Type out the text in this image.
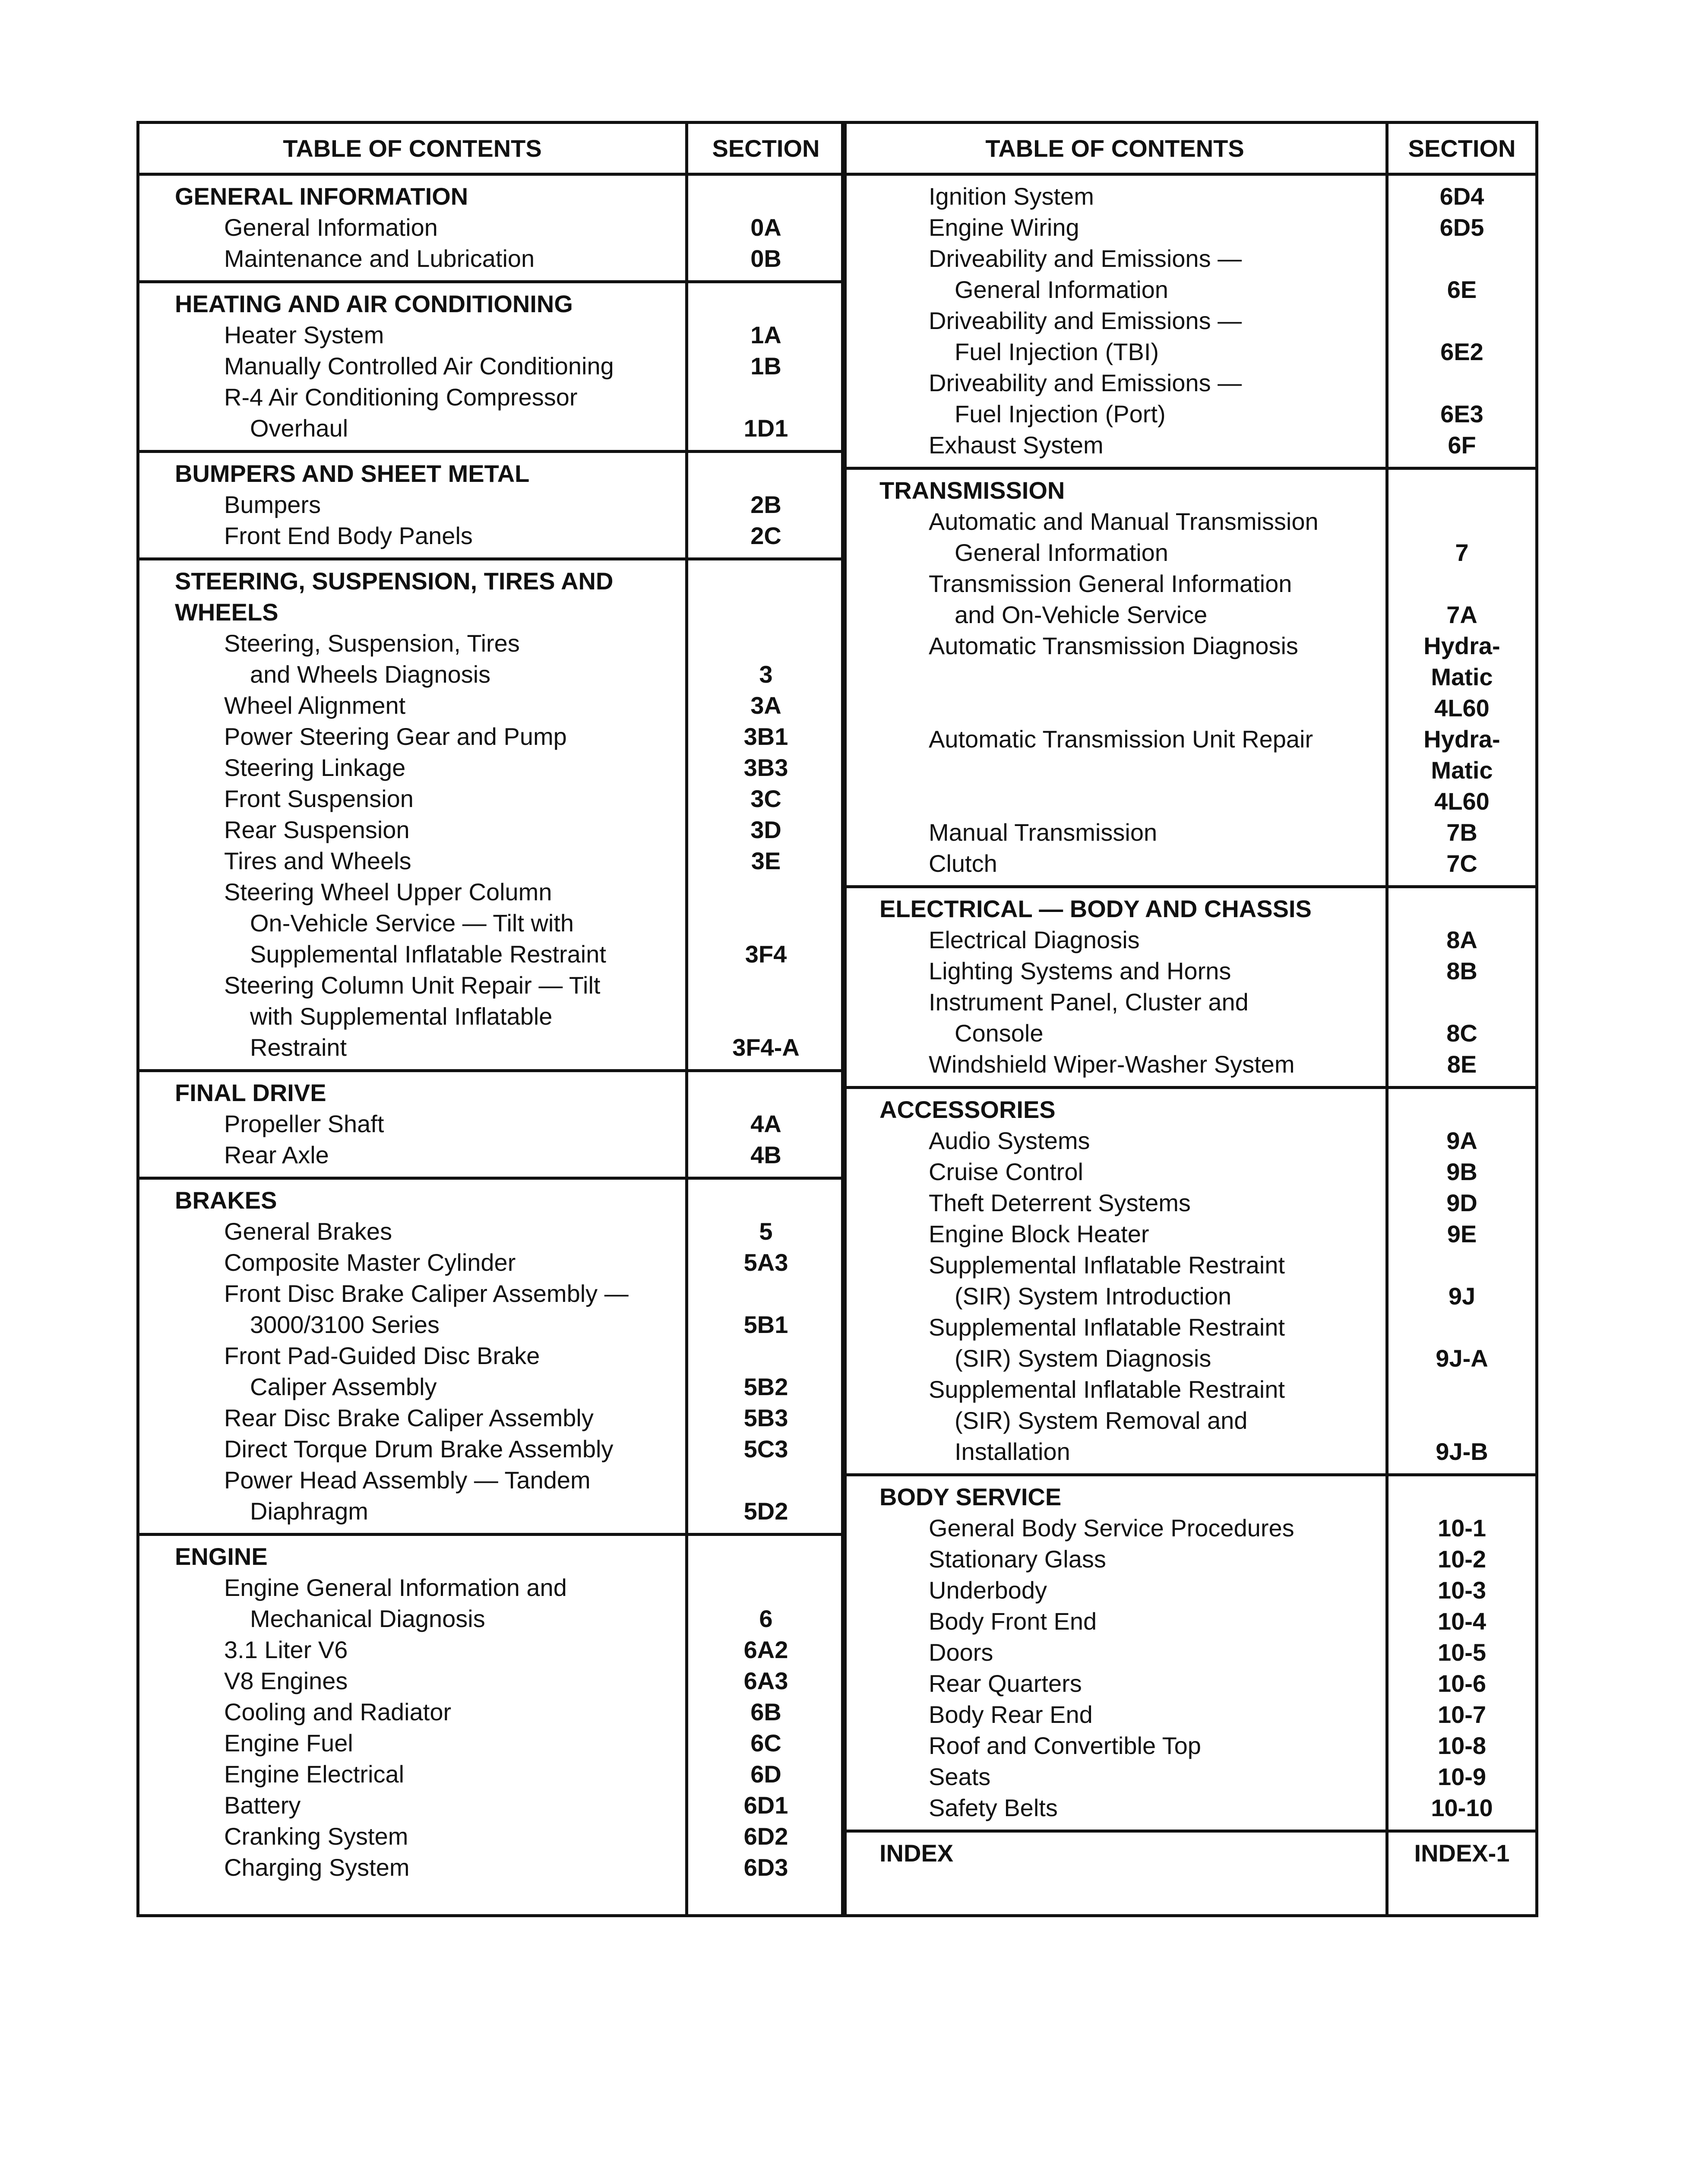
TABLE OF CONTENTS	SECTION
GENERAL INFORMATION
General Information	0A
Maintenance and Lubrication	0B
HEATING AND AIR CONDITIONING
Heater System	1A
Manually Controlled Air Conditioning	1B
R-4 Air Conditioning Compressor
Overhaul	1D1
BUMPERS AND SHEET METAL
Bumpers	2B
Front End Body Panels	2C
STEERING, SUSPENSION, TIRES AND
WHEELS
Steering, Suspension, Tires
and Wheels Diagnosis	3
Wheel Alignment	3A
Power Steering Gear and Pump	3B1
Steering Linkage	3B3
Front Suspension	3C
Rear Suspension	3D
Tires and Wheels	3E
Steering Wheel Upper Column
On-Vehicle Service — Tilt with
Supplemental Inflatable Restraint	3F4
Steering Column Unit Repair — Tilt
with Supplemental Inflatable
Restraint	3F4-A
FINAL DRIVE
Propeller Shaft	4A
Rear Axle	4B
BRAKES
General Brakes	5
Composite Master Cylinder	5A3
Front Disc Brake Caliper Assembly —
3000/3100 Series	5B1
Front Pad-Guided Disc Brake
Caliper Assembly	5B2
Rear Disc Brake Caliper Assembly	5B3
Direct Torque Drum Brake Assembly	5C3
Power Head Assembly — Tandem
Diaphragm	5D2
ENGINE
Engine General Information and
Mechanical Diagnosis	6
3.1 Liter V6	6A2
V8 Engines	6A3
Cooling and Radiator	6B
Engine Fuel	6C
Engine Electrical	6D
Battery	6D1
Cranking System	6D2
Charging System	6D3
TABLE OF CONTENTS	SECTION
Ignition System	6D4
Engine Wiring	6D5
Driveability and Emissions —
General Information	6E
Driveability and Emissions —
Fuel Injection (TBI)	6E2
Driveability and Emissions —
Fuel Injection (Port)	6E3
Exhaust System	6F
TRANSMISSION
Automatic and Manual Transmission
General Information	7
Transmission General Information
and On-Vehicle Service	7A
Automatic Transmission Diagnosis	Hydra-
Matic
4L60
Automatic Transmission Unit Repair	Hydra-
Matic
4L60
Manual Transmission	7B
Clutch	7C
ELECTRICAL — BODY AND CHASSIS
Electrical Diagnosis	8A
Lighting Systems and Horns	8B
Instrument Panel, Cluster and
Console	8C
Windshield Wiper-Washer System	8E
ACCESSORIES
Audio Systems	9A
Cruise Control	9B
Theft Deterrent Systems	9D
Engine Block Heater	9E
Supplemental Inflatable Restraint
(SIR) System Introduction	9J
Supplemental Inflatable Restraint
(SIR) System Diagnosis	9J-A
Supplemental Inflatable Restraint
(SIR) System Removal and
Installation	9J-B
BODY SERVICE
General Body Service Procedures	10-1
Stationary Glass	10-2
Underbody	10-3
Body Front End	10-4
Doors	10-5
Rear Quarters	10-6
Body Rear End	10-7
Roof and Convertible Top	10-8
Seats	10-9
Safety Belts	10-10
INDEX	INDEX-1
